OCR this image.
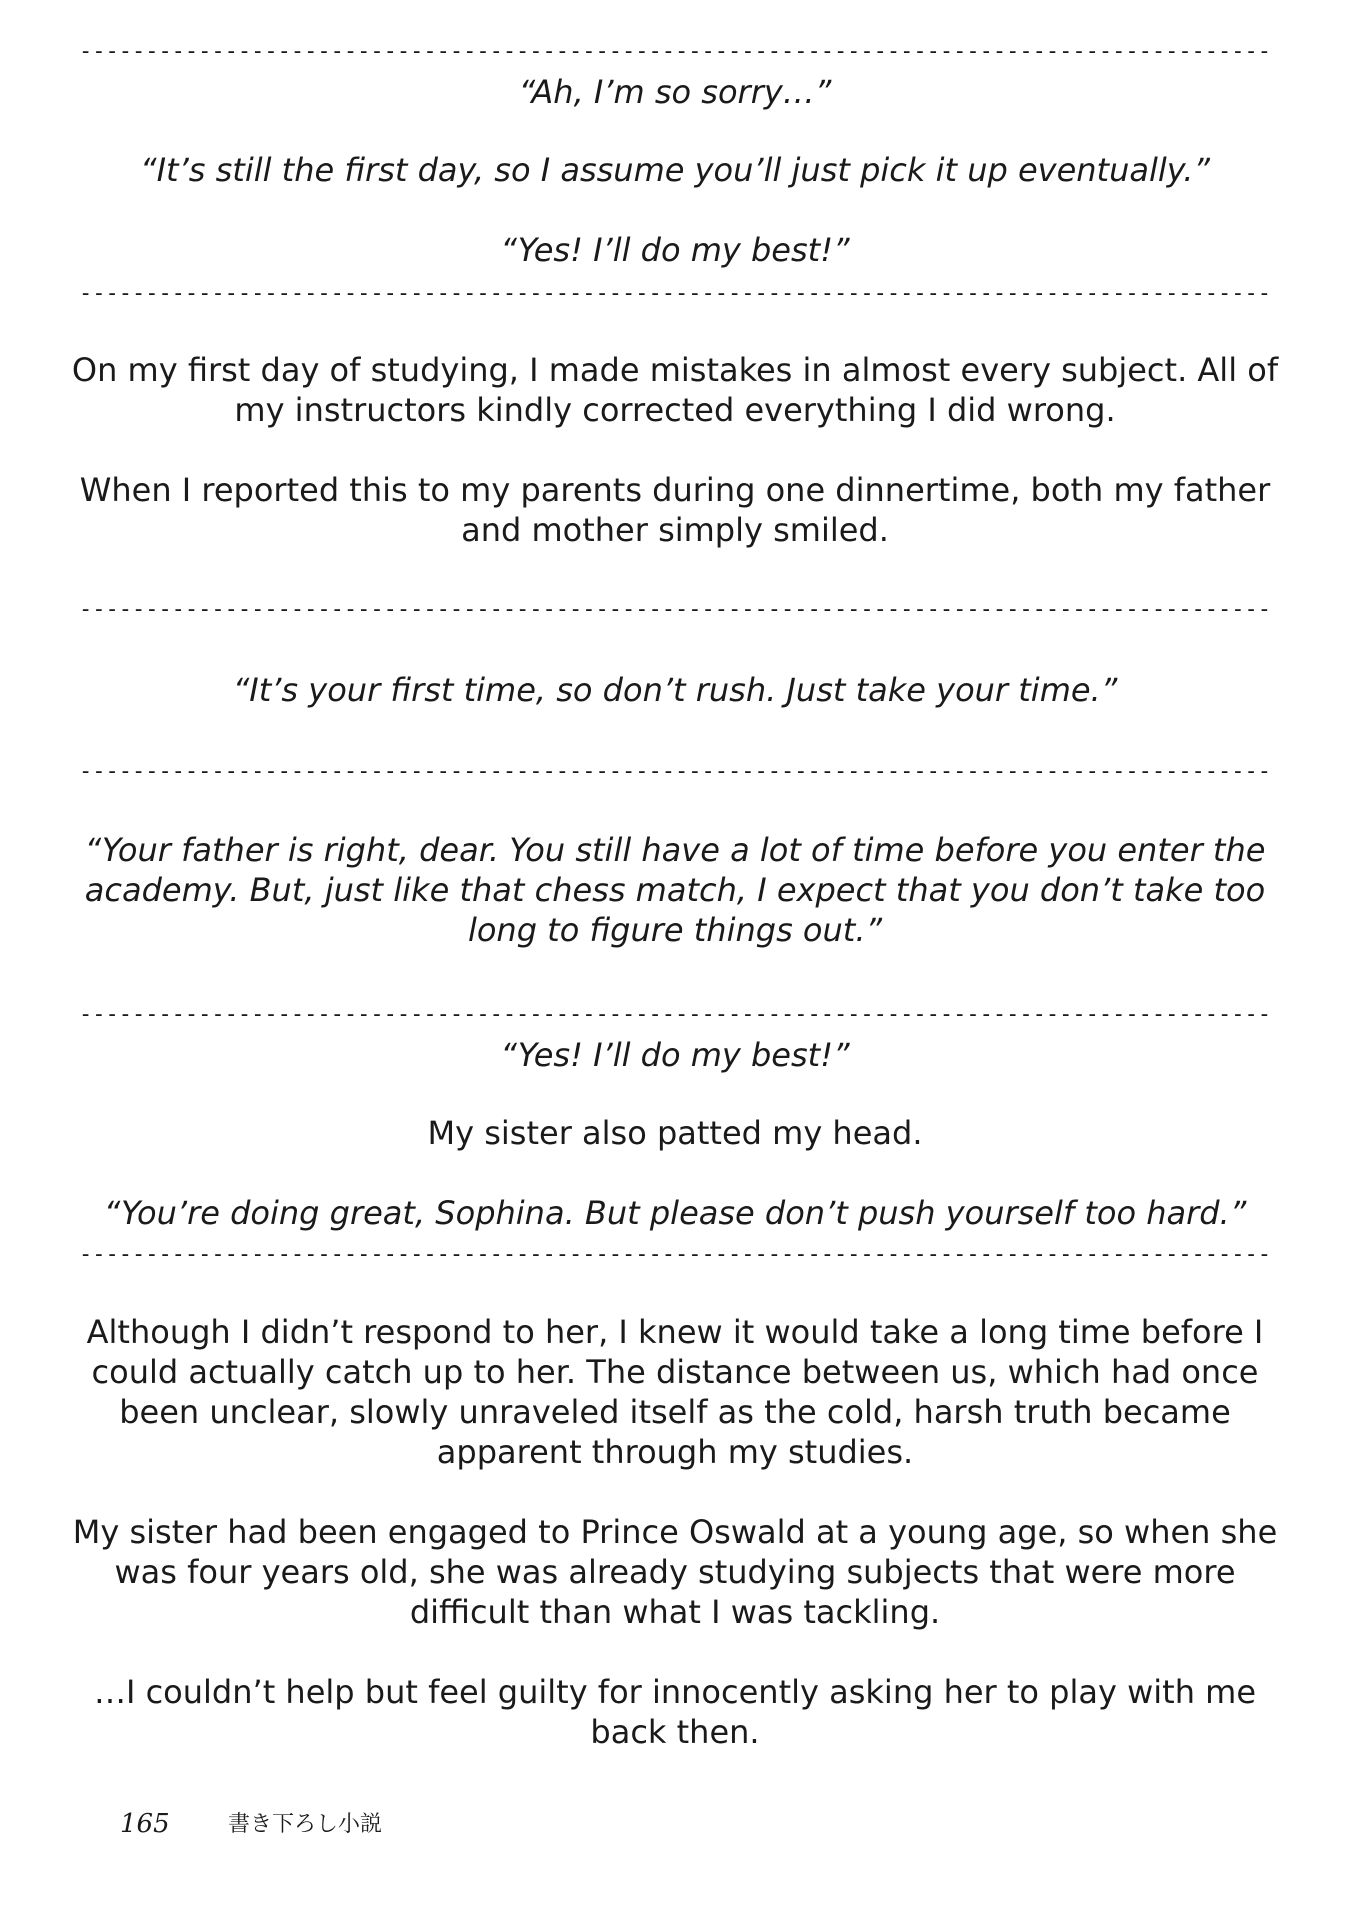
------------------------------------------------------------------------------------------
“Ah, I’m so sorry…”
“It’s still the first day, so I assume you’ll just pick it up eventually.”
“Yes! I’ll do my best!”
------------------------------------------------------------------------------------------
On my first day of studying, I made mistakes in almost every subject. All of my instructors kindly corrected everything I did wrong.
When I reported this to my parents during one dinnertime, both my father and mother simply smiled.
------------------------------------------------------------------------------------------
“It’s your first time, so don’t rush. Just take your time.”
------------------------------------------------------------------------------------------
“Your father is right, dear. You still have a lot of time before you enter the academy. But, just like that chess match, I expect that you don’t take too long to figure things out.”
------------------------------------------------------------------------------------------
“Yes! I’ll do my best!”
My sister also patted my head.
“You’re doing great, Sophina. But please don’t push yourself too hard.”
------------------------------------------------------------------------------------------
Although I didn’t respond to her, I knew it would take a long time before I could actually catch up to her. The distance between us, which had once been unclear, slowly unraveled itself as the cold, harsh truth became apparent through my studies.
My sister had been engaged to Prince Oswald at a young age, so when she was four years old, she was already studying subjects that were more difficult than what I was tackling.
…I couldn’t help but feel guilty for innocently asking her to play with me back then.
165	書き下ろし小説
